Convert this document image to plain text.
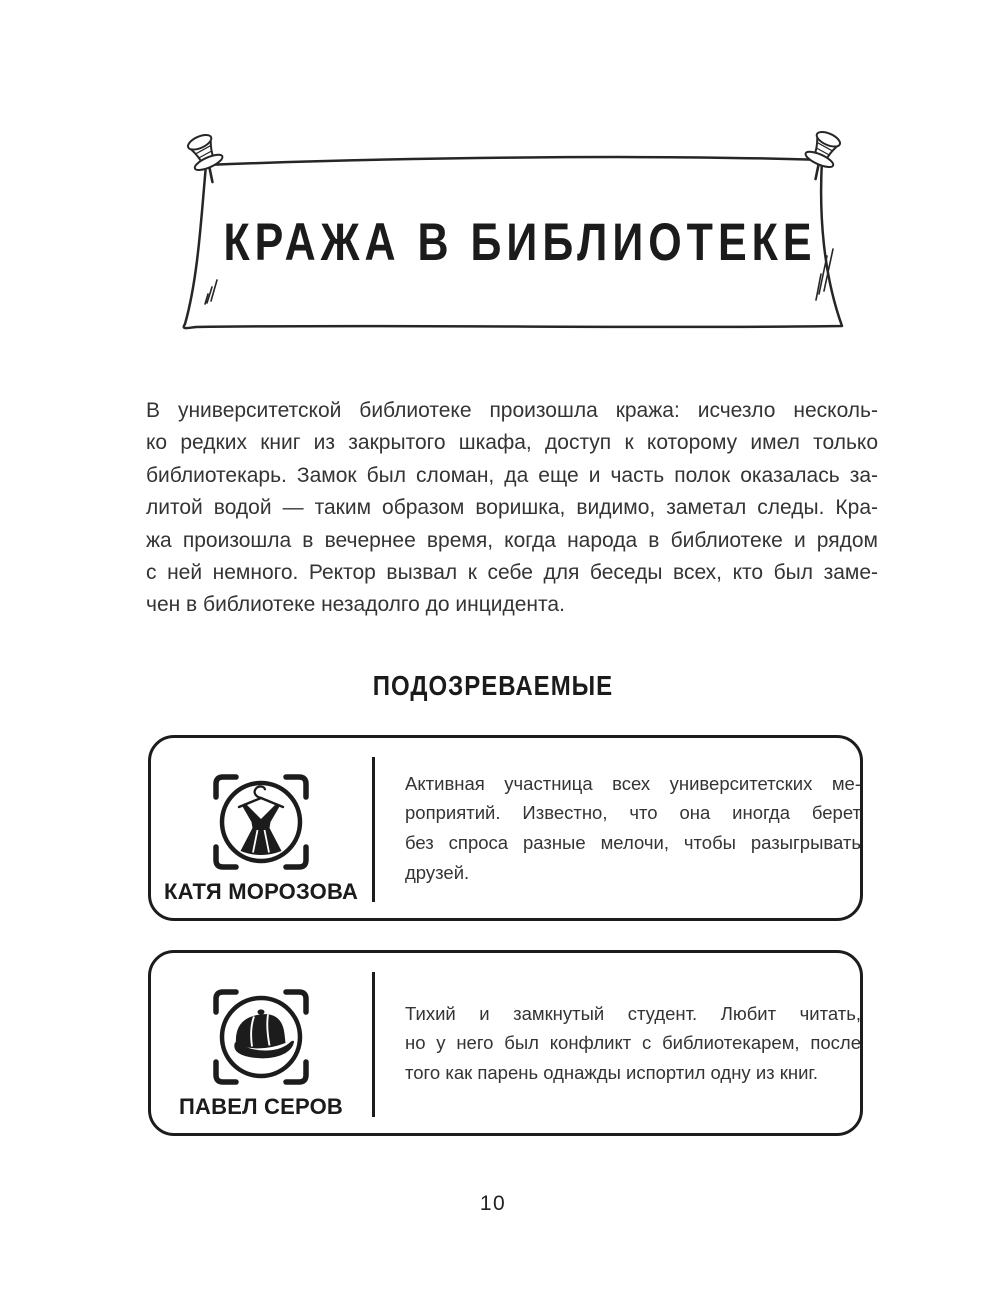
КРАЖА В БИБЛИОТЕКЕ
В университетской библиотеке произошла кража: исчезло несколь-
ко редких книг из закрытого шкафа, доступ к которому имел только
библиотекарь. Замок был сломан, да еще и часть полок оказалась за-
литой водой — таким образом воришка, видимо, заметал следы. Кра-
жа произошла в вечернее время, когда народа в библиотеке и рядом
с ней немного. Ректор вызвал к себе для беседы всех, кто был заме-
чен в библиотеке незадолго до инцидента.
ПОДОЗРЕВАЕМЫЕ
КАТЯ МОРОЗОВА
Активная участница всех университетских ме-
роприятий. Известно, что она иногда берет
без спроса разные мелочи, чтобы разыгрывать
друзей.
ПАВЕЛ СЕРОВ
Тихий и замкнутый студент. Любит читать,
но у него был конфликт с библиотекарем, после
того как парень однажды испортил одну из книг.
10
